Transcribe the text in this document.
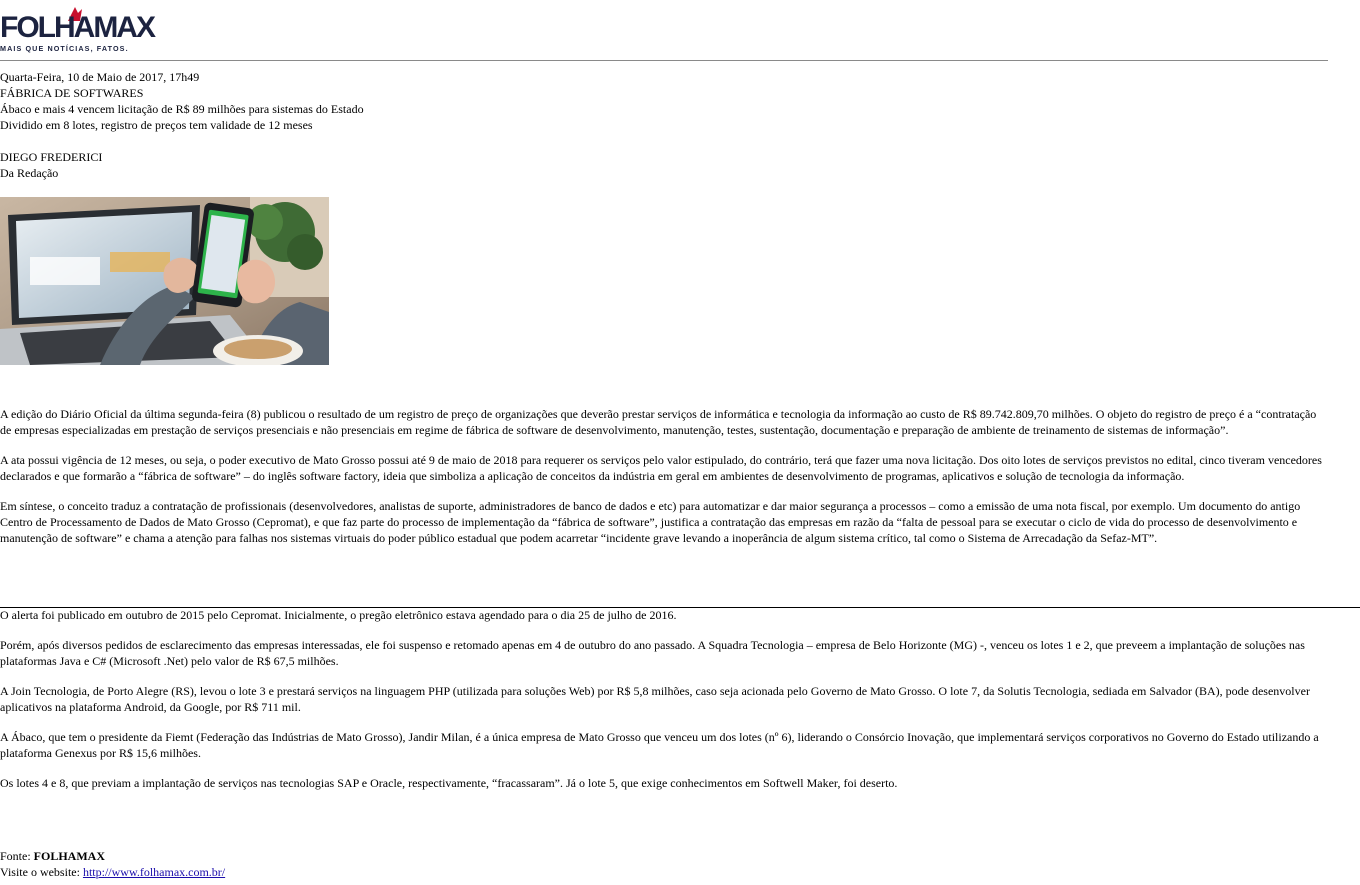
FOLHAMAX
MAIS QUE NOTÍCIAS, FATOS.
Quarta-Feira, 10 de Maio de 2017, 17h49
FÁBRICA DE SOFTWARES
Ábaco e mais 4 vencem licitação de R$ 89 milhões para sistemas do Estado
Dividido em 8 lotes, registro de preços tem validade de 12 meses
DIEGO FREDERICI
Da Redação

A edição do Diário Oficial da última segunda-feira (8) publicou o resultado de um registro de preço de organizações que deverão prestar serviços de informática e tecnologia da informação ao custo de R$ 89.742.809,70 milhões. O objeto do registro de preço é a “contratação de empresas especializadas em prestação de serviços presenciais e não presenciais em regime de fábrica de software de desenvolvimento, manutenção, testes, sustentação, documentação e preparação de ambiente de treinamento de sistemas de informação”.

A ata possui vigência de 12 meses, ou seja, o poder executivo de Mato Grosso possui até 9 de maio de 2018 para requerer os serviços pelo valor estipulado, do contrário, terá que fazer uma nova licitação. Dos oito lotes de serviços previstos no edital, cinco tiveram vencedores declarados e que formarão a “fábrica de software” – do inglês software factory, ideia que simboliza a aplicação de conceitos da indústria em geral em ambientes de desenvolvimento de programas, aplicativos e solução de tecnologia da informação.

Em síntese, o conceito traduz a contratação de profissionais (desenvolvedores, analistas de suporte, administradores de banco de dados e etc) para automatizar e dar maior segurança a processos – como a emissão de uma nota fiscal, por exemplo. Um documento do antigo Centro de Processamento de Dados de Mato Grosso (Cepromat), e que faz parte do processo de implementação da “fábrica de software”, justifica a contratação das empresas em razão da “falta de pessoal para se executar o ciclo de vida do processo de desenvolvimento e manutenção de software” e chama a atenção para falhas nos sistemas virtuais do poder público estadual que podem acarretar “incidente grave levando a inoperância de algum sistema crítico, tal como o Sistema de Arrecadação da Sefaz-MT”.

O alerta foi publicado em outubro de 2015 pelo Cepromat. Inicialmente, o pregão eletrônico estava agendado para o dia 25 de julho de 2016.

Porém, após diversos pedidos de esclarecimento das empresas interessadas, ele foi suspenso e retomado apenas em 4 de outubro do ano passado. A Squadra Tecnologia – empresa de Belo Horizonte (MG) -, venceu os lotes 1 e 2, que preveem a implantação de soluções nas plataformas Java e C# (Microsoft .Net) pelo valor de R$ 67,5 milhões.

A Join Tecnologia, de Porto Alegre (RS), levou o lote 3 e prestará serviços na linguagem PHP (utilizada para soluções Web) por R$ 5,8 milhões, caso seja acionada pelo Governo de Mato Grosso. O lote 7, da Solutis Tecnologia, sediada em Salvador (BA), pode desenvolver aplicativos na plataforma Android, da Google, por R$ 711 mil.

A Ábaco, que tem o presidente da Fiemt (Federação das Indústrias de Mato Grosso), Jandir Milan, é a única empresa de Mato Grosso que venceu um dos lotes (nº 6), liderando o Consórcio Inovação, que implementará serviços corporativos no Governo do Estado utilizando a plataforma Genexus por R$ 15,6 milhões.

Os lotes 4 e 8, que previam a implantação de serviços nas tecnologias SAP e Oracle, respectivamente, “fracassaram”. Já o lote 5, que exige conhecimentos em Softwell Maker, foi deserto.

Fonte: FOLHAMAX
Visite o website: http://www.folhamax.com.br/
